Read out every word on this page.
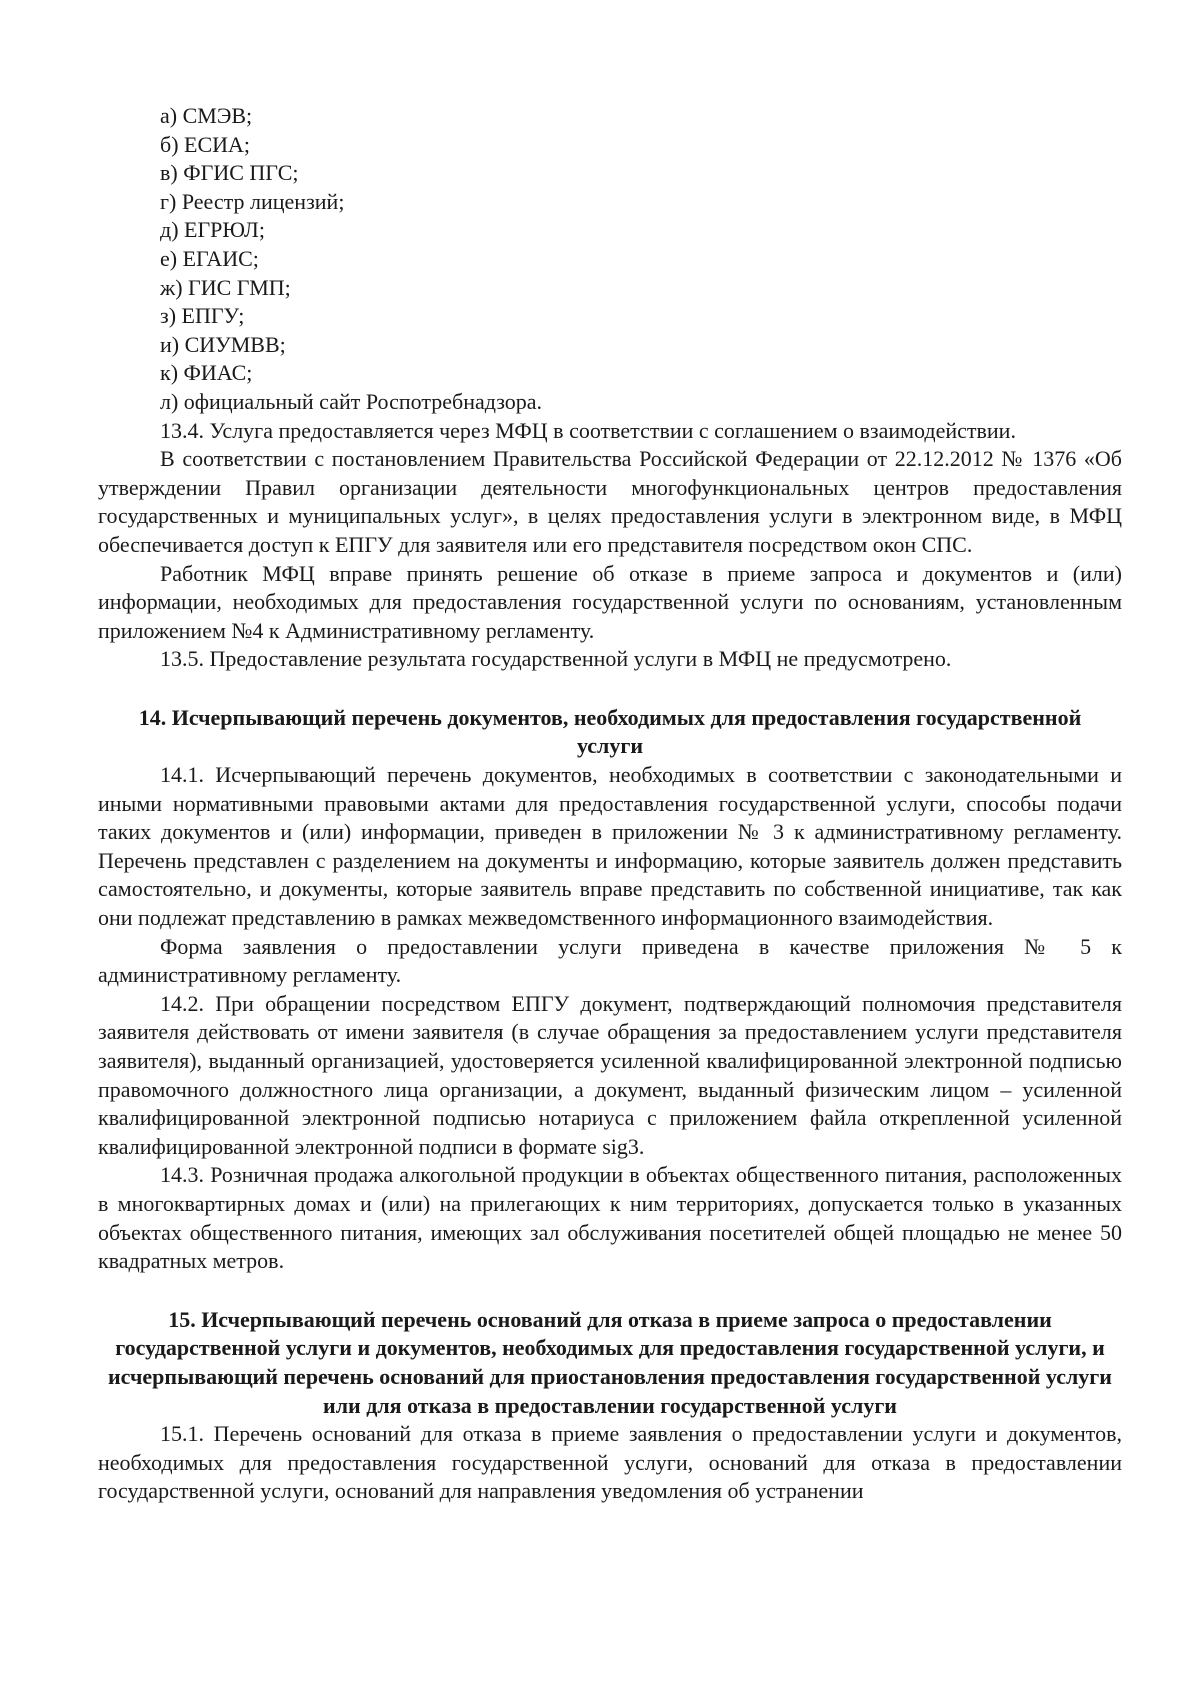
а) СМЭВ;
б) ЕСИА;
в) ФГИС ПГС;
г) Реестр лицензий;
д) ЕГРЮЛ;
е) ЕГАИС;
ж) ГИС ГМП;
з) ЕПГУ;
и) СИУМВВ;
к) ФИАС;
л) официальный сайт Роспотребнадзора.

13.4. Услуга предоставляется через МФЦ в соответствии с соглашением о взаимодействии.

В соответствии с постановлением Правительства Российской Федерации от 22.12.2012 № 1376 «Об утверждении Правил организации деятельности многофункциональных центров предоставления государственных и муниципальных услуг», в целях предоставления услуги в электронном виде, в МФЦ обеспечивается доступ к ЕПГУ для заявителя или его представителя посредством окон СПС.

Работник МФЦ вправе принять решение об отказе в приеме запроса и документов и (или) информации, необходимых для предоставления государственной услуги по основаниям, установленным приложением №4 к Административному регламенту.

13.5. Предоставление результата государственной услуги в МФЦ не предусмотрено.

14. Исчерпывающий перечень документов, необходимых для предоставления государственной услуги

14.1. Исчерпывающий перечень документов, необходимых в соответствии с законодательными и иными нормативными правовыми актами для предоставления государственной услуги, способы подачи таких документов и (или) информации, приведен в приложении № 3 к административному регламенту. Перечень представлен с разделением на документы и информацию, которые заявитель должен представить самостоятельно, и документы, которые заявитель вправе представить по собственной инициативе, так как они подлежат представлению в рамках межведомственного информационного взаимодействия.

Форма заявления о предоставлении услуги приведена в качестве приложения № 5 к административному регламенту.

14.2. При обращении посредством ЕПГУ документ, подтверждающий полномочия представителя заявителя действовать от имени заявителя (в случае обращения за предоставлением услуги представителя заявителя), выданный организацией, удостоверяется усиленной квалифицированной электронной подписью правомочного должностного лица организации, а документ, выданный физическим лицом – усиленной квалифицированной электронной подписью нотариуса с приложением файла открепленной усиленной квалифицированной электронной подписи в формате sig3.

14.3. Розничная продажа алкогольной продукции в объектах общественного питания, расположенных в многоквартирных домах и (или) на прилегающих к ним территориях, допускается только в указанных объектах общественного питания, имеющих зал обслуживания посетителей общей площадью не менее 50 квадратных метров.

15. Исчерпывающий перечень оснований для отказа в приеме запроса о предоставлении государственной услуги и документов, необходимых для предоставления государственной услуги, и исчерпывающий перечень оснований для приостановления предоставления государственной услуги или для отказа в предоставлении государственной услуги

15.1. Перечень оснований для отказа в приеме заявления о предоставлении услуги и документов, необходимых для предоставления государственной услуги, оснований для отказа в предоставлении государственной услуги, оснований для направления уведомления об устранении
